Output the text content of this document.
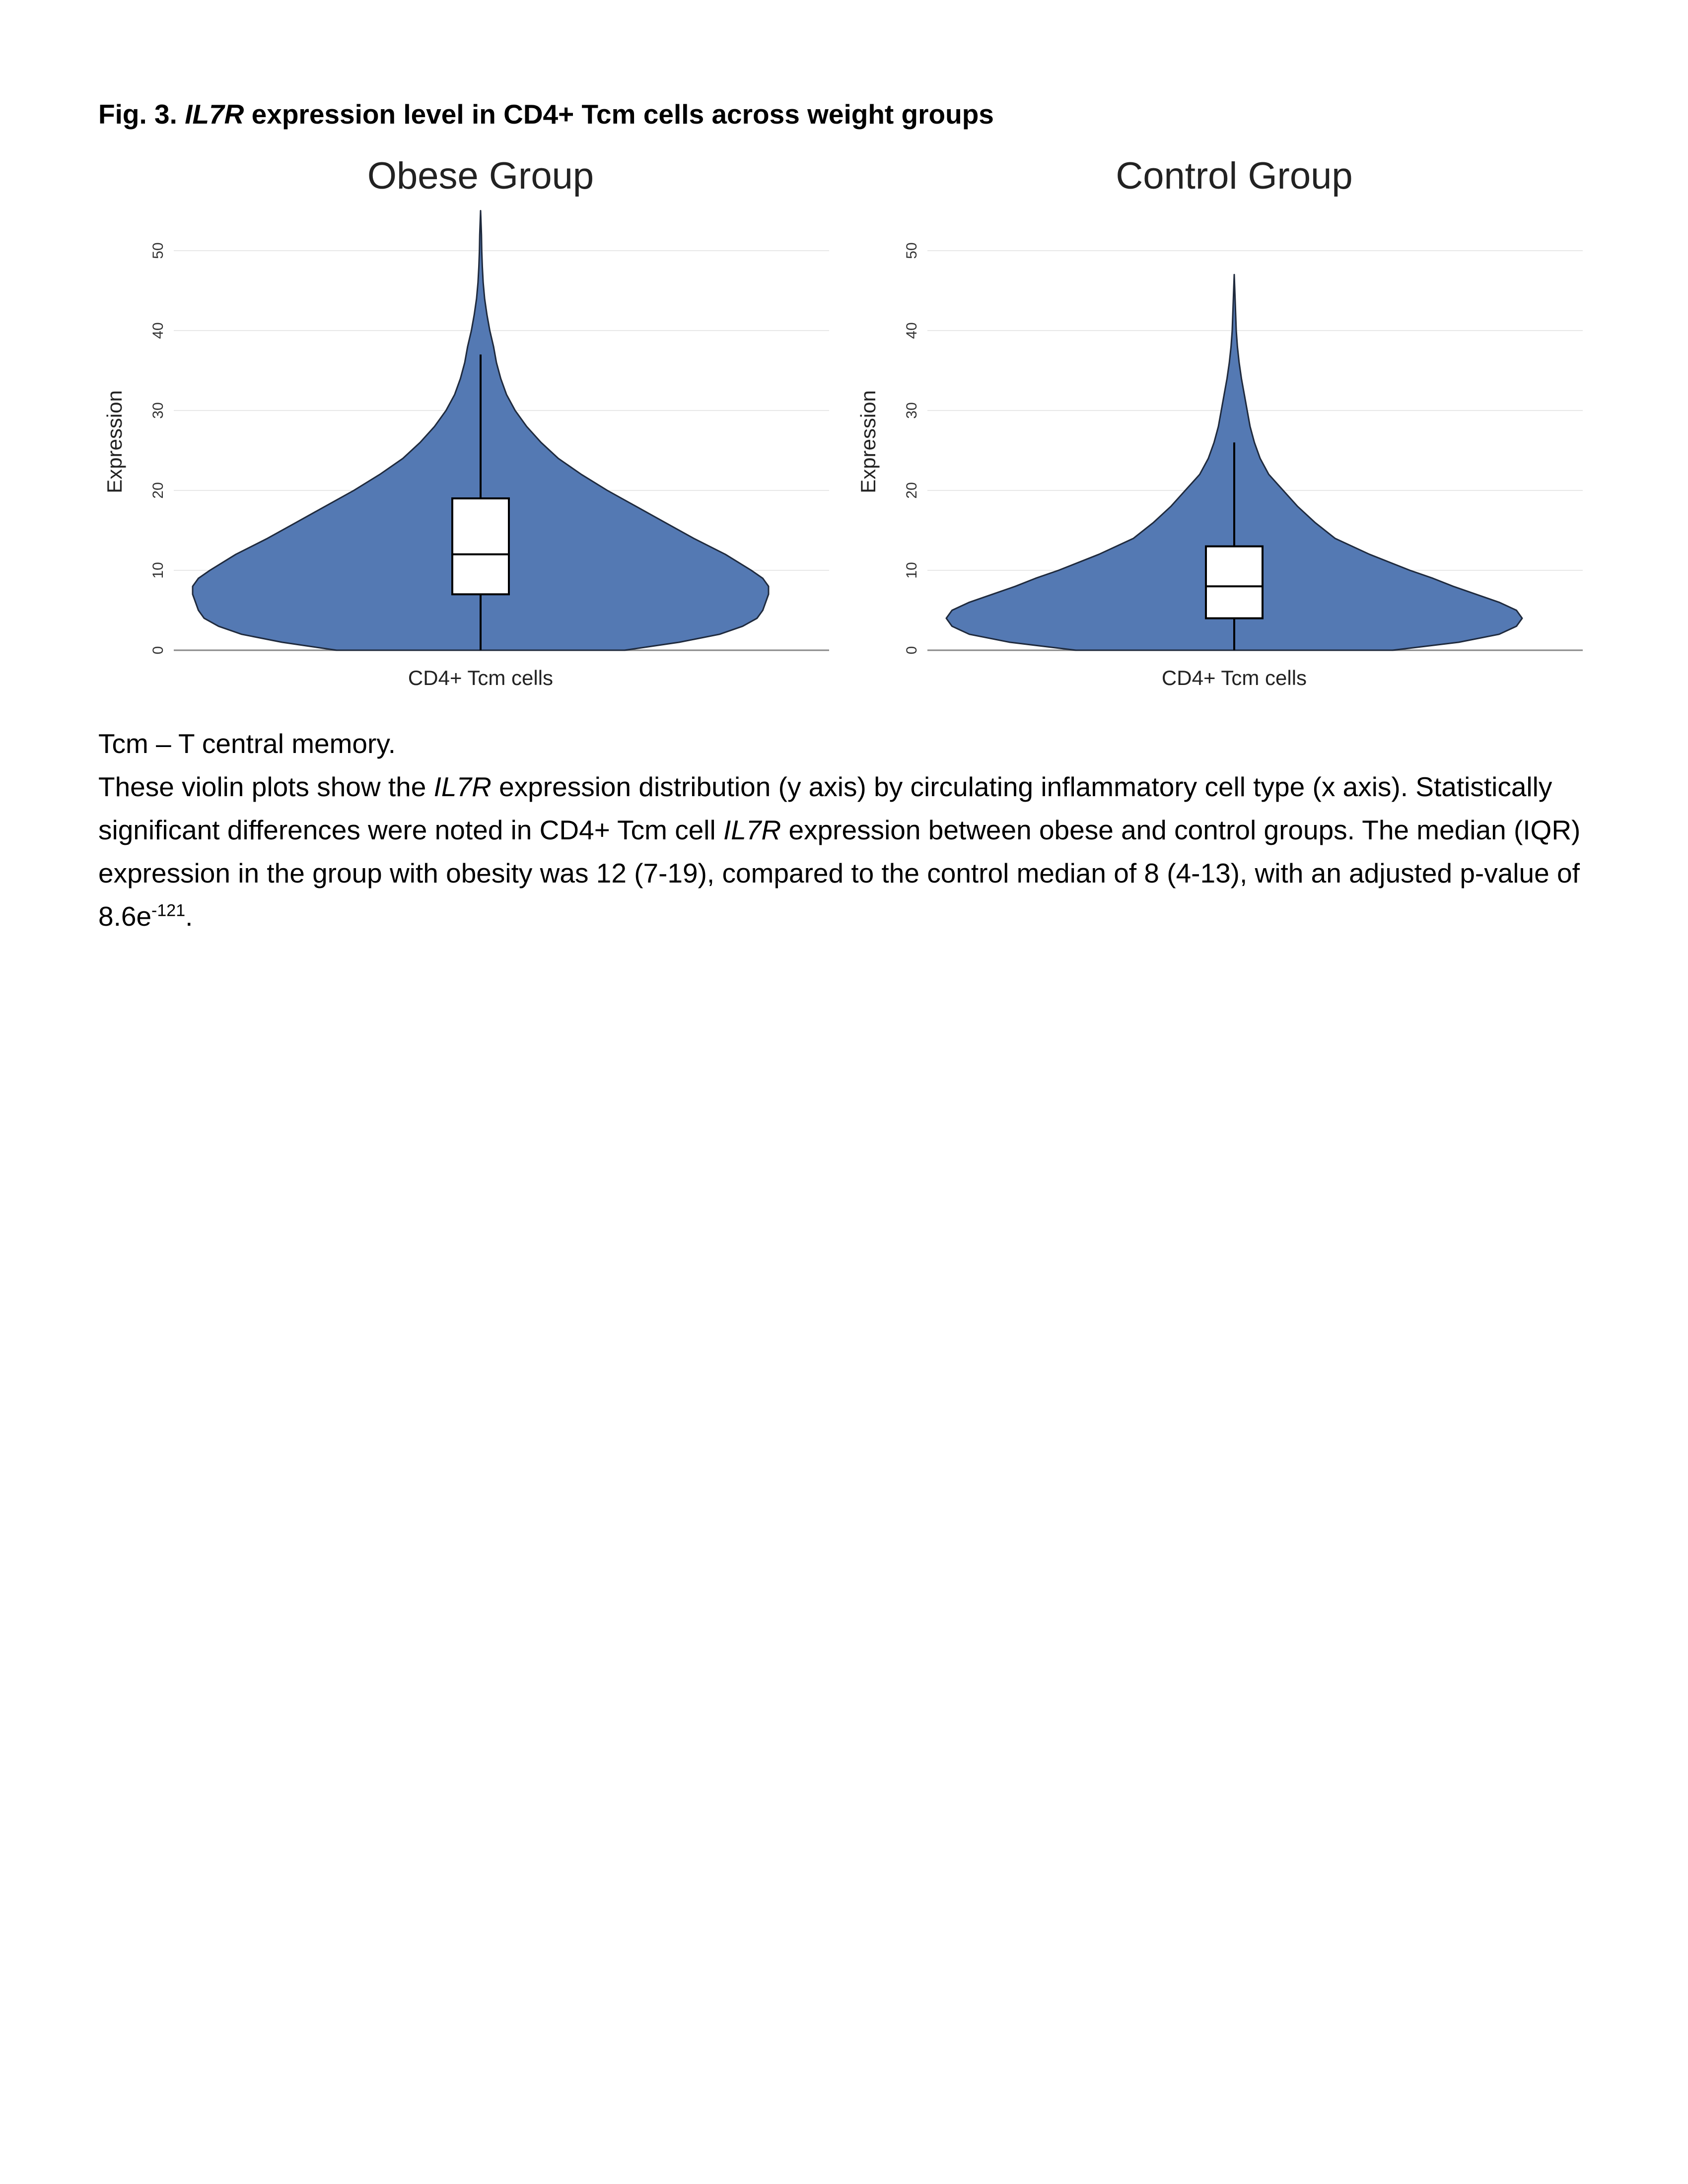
Fig. 3. IL7R expression level in CD4+ Tcm cells across weight groups
0
10
20
30
40
50
Obese Group
Expression
CD4+ Tcm cells
0
10
20
30
40
50
Control Group
Expression
CD4+ Tcm cells

Tcm – T central memory.

These violin plots show the IL7R expression distribution (y axis) by circulating inflammatory cell type (x axis). Statistically significant differences were noted in CD4+ Tcm cell IL7R expression between obese and control groups. The median (IQR) expression in the group with obesity was 12 (7-19), compared to the control median of 8 (4-13), with an adjusted p-value of $8.6e^{-121}$.
